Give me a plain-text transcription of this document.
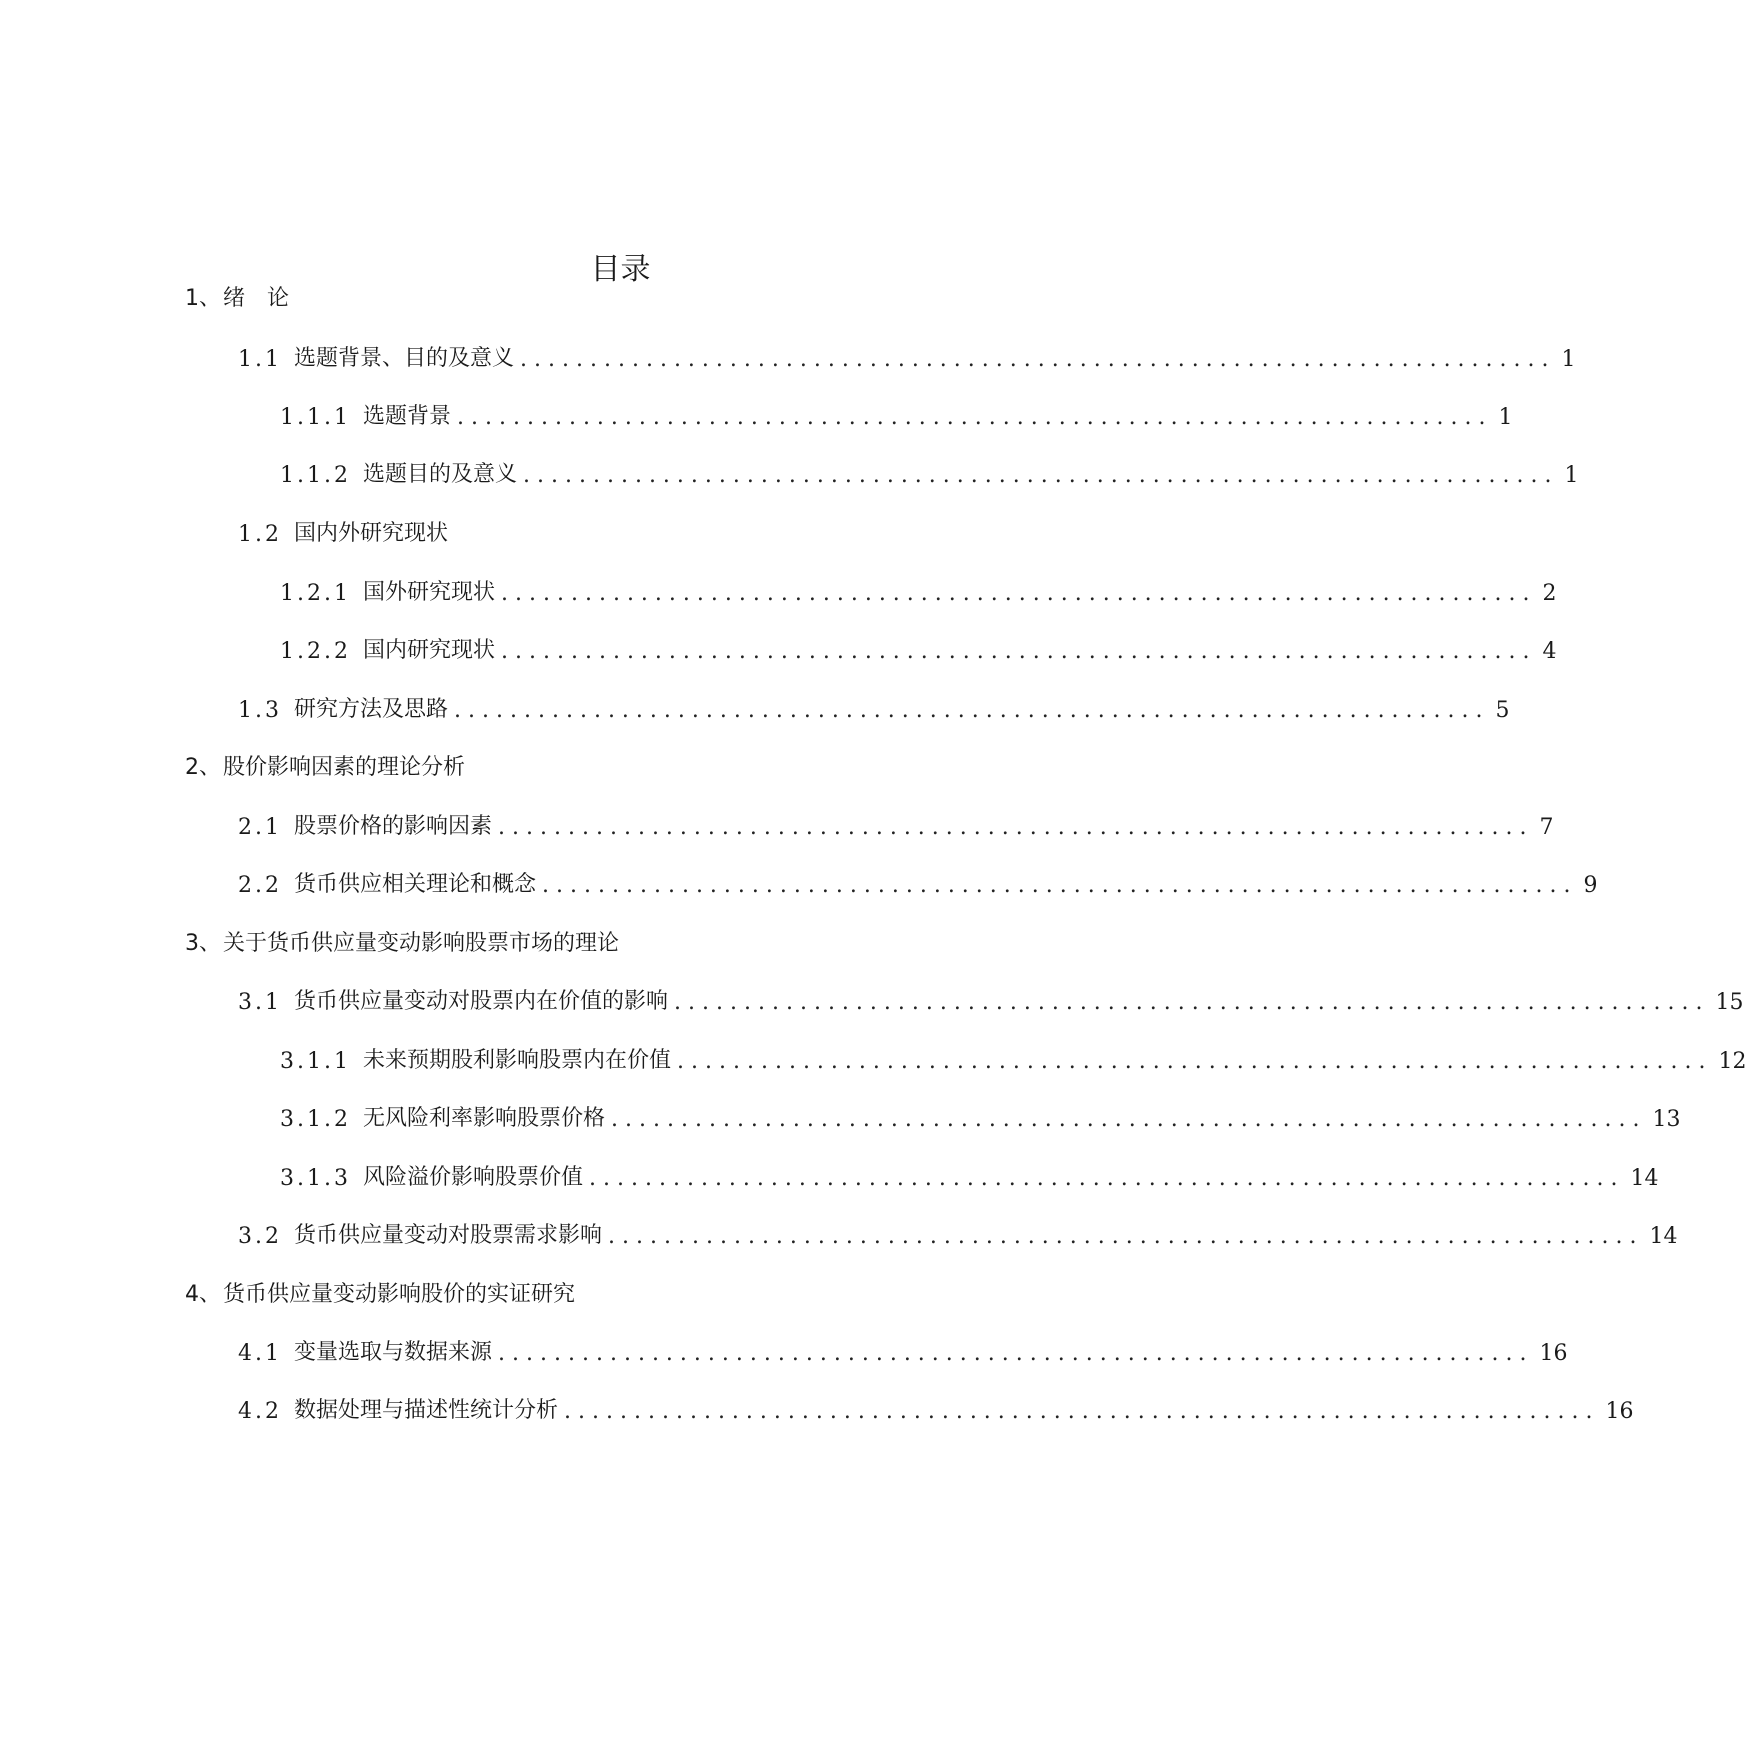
目录
1、 绪　论
1.1 选题背景、目的及意义 .......................................................................... 1
1.1.1 选题背景 .......................................................................... 1
1.1.2 选题目的及意义 .......................................................................... 1
1.2 国内外研究现状
1.2.1 国外研究现状 .......................................................................... 2
1.2.2 国内研究现状 .......................................................................... 4
1.3 研究方法及思路 .......................................................................... 5
2、 股价影响因素的理论分析
2.1 股票价格的影响因素 .......................................................................... 7
2.2 货币供应相关理论和概念 .......................................................................... 9
3、 关于货币供应量变动影响股票市场的理论
3.1 货币供应量变动对股票内在价值的影响 .......................................................................... 15
3.1.1 未来预期股利影响股票内在价值 .......................................................................... 12
3.1.2 无风险利率影响股票价格 .......................................................................... 13
3.1.3 风险溢价影响股票价值 .......................................................................... 14
3.2 货币供应量变动对股票需求影响 .......................................................................... 14
4、 货币供应量变动影响股价的实证研究
4.1 变量选取与数据来源 .......................................................................... 16
4.2 数据处理与描述性统计分析 .......................................................................... 16
